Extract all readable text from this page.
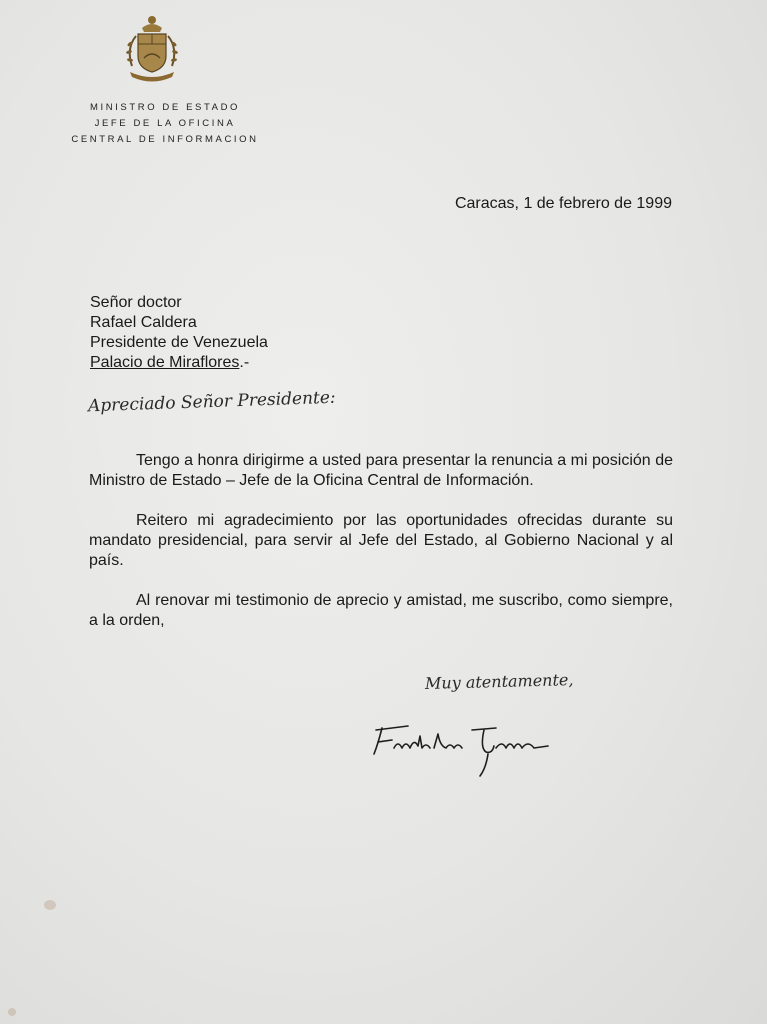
MINISTRO DE ESTADO
JEFE DE LA OFICINA
CENTRAL DE INFORMACION
Caracas, 1 de febrero de 1999
Señor doctor
Rafael Caldera
Presidente de Venezuela
Palacio de Miraflores.-
Apreciado Señor Presidente:

Tengo a honra dirigirme a usted para presentar la renuncia a mi posición de Ministro de Estado – Jefe de la Oficina Central de Información.

Reitero mi agradecimiento por las oportunidades ofrecidas durante su mandato presidencial, para servir al Jefe del Estado, al Gobierno Nacional y al país.

Al renovar mi testimonio de aprecio y amistad, me suscribo, como siempre, a la orden,

Muy atentamente,
